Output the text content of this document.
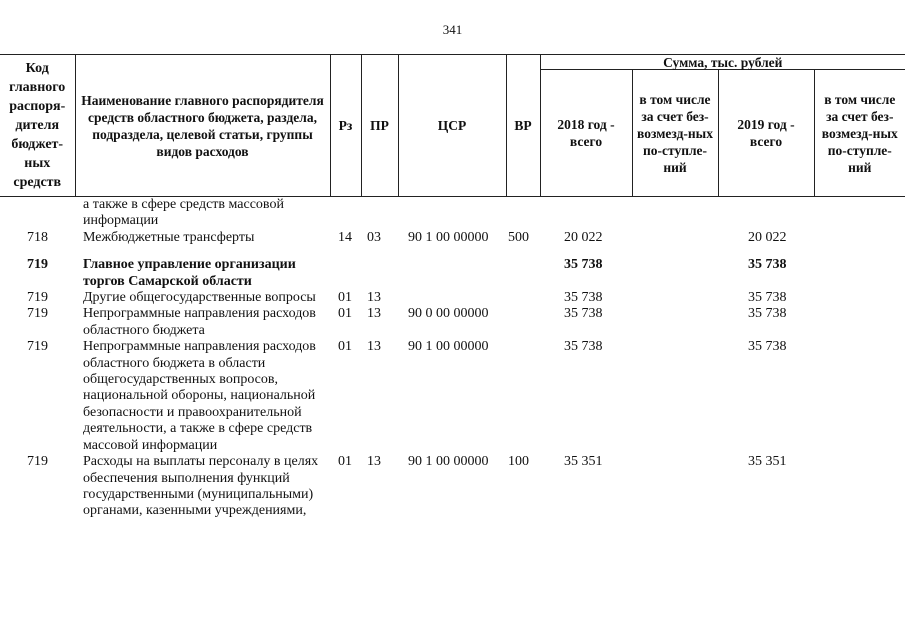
341
Код главного распоря-дителя бюджет-ных средств	Наименование главного распорядителя средств областного бюджета, раздела, подраздела, целевой статьи, группы видов расходов	Рз	ПР	ЦСР	ВР	Сумма, тыс. рублей			
						2018 год - всего	в том числе за счет без-возмезд-ных по-ступле-ний	2019 год - всего	в том числе за счет без-возмезд-ных по-ступле-ний
	а также в сфере средств массовой информации								
718	Межбюджетные трансферты	14	03	90 1 00 00000	500	20 022		20 022	
719	Главное управление организации торгов Самарской области					35 738		35 738	
719	Другие общегосударственные вопросы	01	13			35 738		35 738	
719	Непрограммные направления расходов областного бюджета	01	13	90 0 00 00000		35 738		35 738	
719	Непрограммные направления расходов областного бюджета в области общегосударственных вопросов, национальной обороны, национальной безопасности и правоохранительной деятельности, а также в сфере средств массовой информации	01	13	90 1 00 00000		35 738		35 738	
719	Расходы на выплаты персоналу в целях обеспечения выполнения функций государственными (муниципальными) органами, казенными учреждениями,	01	13	90 1 00 00000	100	35 351		35 351	
